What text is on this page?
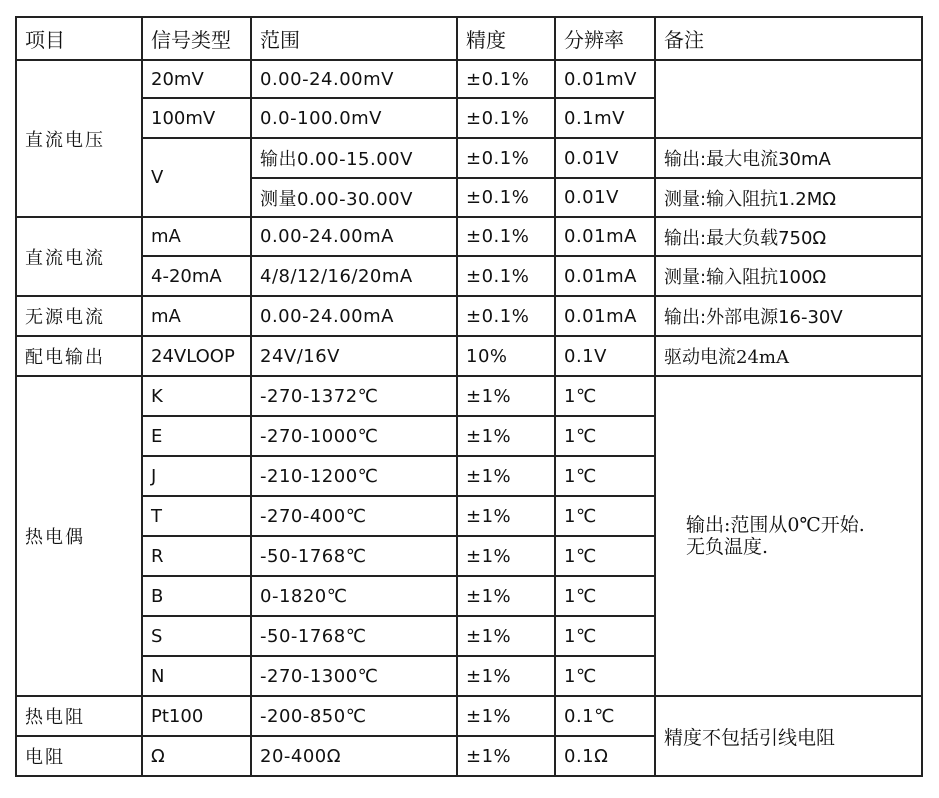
项目	信号类型	范围	精度	分辨率	备注
直流电压	20mV	0.00-24.00mV	±0.1%	0.01mV	
	100mV	0.0-100.0mV	±0.1%	0.1mV	
	V	输出0.00-15.00V	±0.1%	0.01V	输出:最大电流30mA
		测量0.00-30.00V	±0.1%	0.01V	测量:输入阻抗1.2MΩ
直流电流	mA	0.00-24.00mA	±0.1%	0.01mA	输出:最大负载750Ω
	4-20mA	4/8/12/16/20mA	±0.1%	0.01mA	测量:输入阻抗100Ω
无源电流	mA	0.00-24.00mA	±0.1%	0.01mA	输出:外部电源16-30V
配电输出	24VLOOP	24V/16V	10%	0.1V	驱动电流24mA
热电偶	K	-270-1372℃	±1%	1℃	输出:范围从0℃开始.
无负温度.

	E	-270-1000℃	±1%	1℃	
	J	-210-1200℃	±1%	1℃	
	T	-270-400℃	±1%	1℃	
	R	-50-1768℃	±1%	1℃	
	B	0-1820℃	±1%	1℃	
	S	-50-1768℃	±1%	1℃	
	N	-270-1300℃	±1%	1℃	
热电阻	Pt100	-200-850℃	±1%	0.1℃	精度不包括引线电阻
电阻	Ω	20-400Ω	±1%	0.1Ω	
